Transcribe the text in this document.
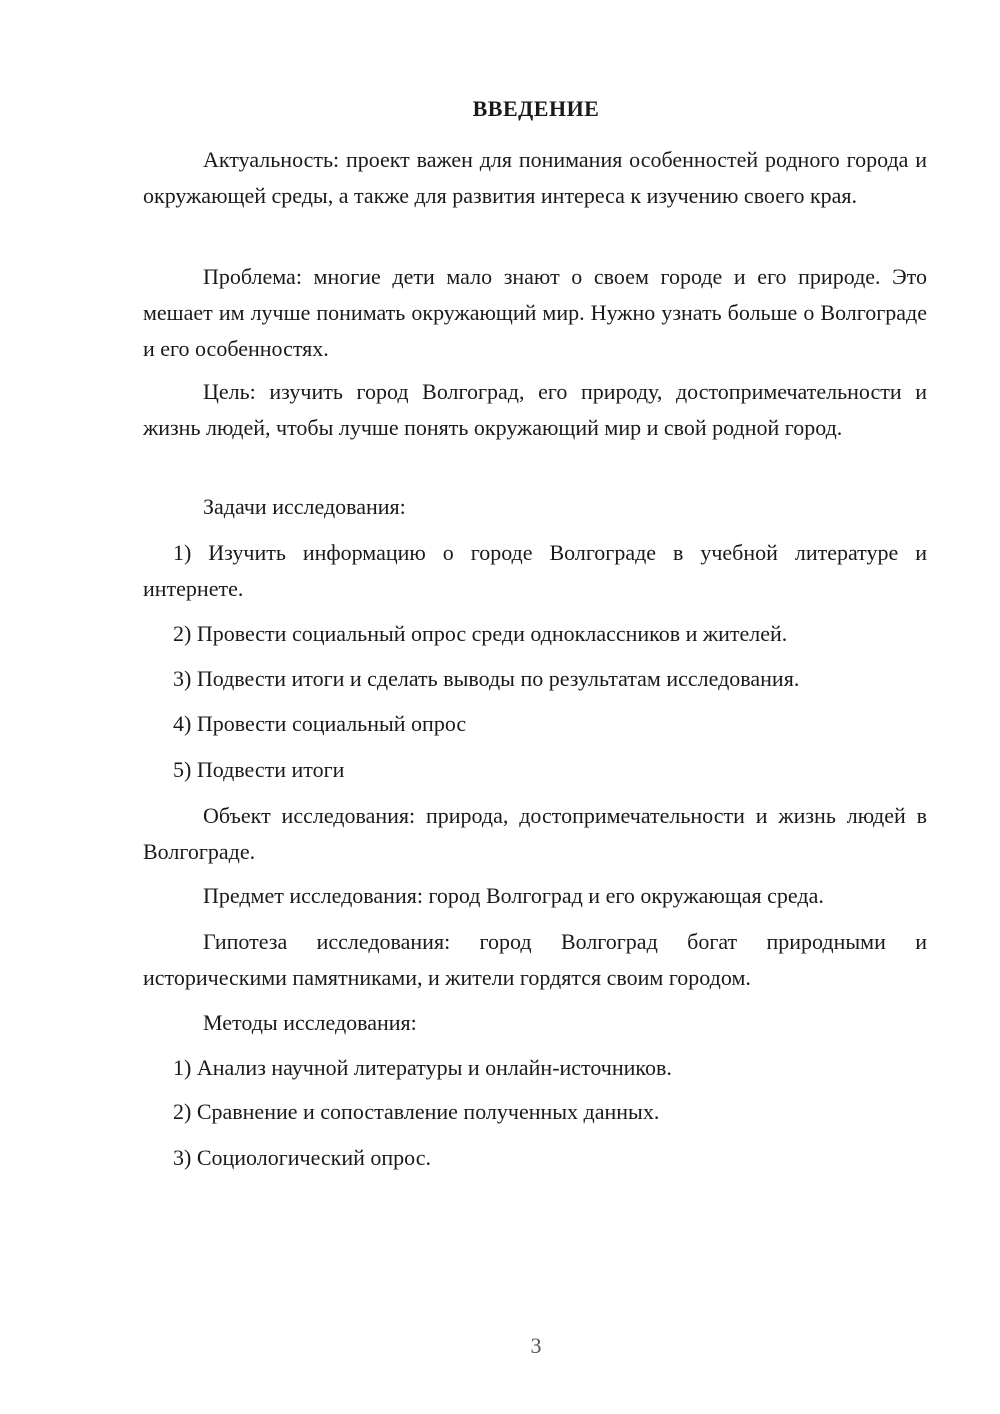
ВВЕДЕНИЕ

Актуальность: проект важен для понимания особенностей родного города и окружающей среды, а также для развития интереса к изучению своего края.

Проблема: многие дети мало знают о своем городе и его природе. Это мешает им лучше понимать окружающий мир. Нужно узнать больше о Волгограде и его особенностях.

Цель: изучить город Волгоград, его природу, достопримечательности и жизнь людей, чтобы лучше понять окружающий мир и свой родной город.

Задачи исследования:

1) Изучить информацию о городе Волгограде в учебной литературе и интернете.

2) Провести социальный опрос среди одноклассников и жителей.

3) Подвести итоги и сделать выводы по результатам исследования.

4) Провести социальный опрос

5) Подвести итоги

Объект исследования: природа, достопримечательности и жизнь людей в Волгограде.

Предмет исследования: город Волгоград и его окружающая среда.

Гипотеза исследования: город Волгоград богат природными и историческими памятниками, и жители гордятся своим городом.

Методы исследования:

1) Анализ научной литературы и онлайн-источников.

2) Сравнение и сопоставление полученных данных.

3) Социологический опрос.

3
